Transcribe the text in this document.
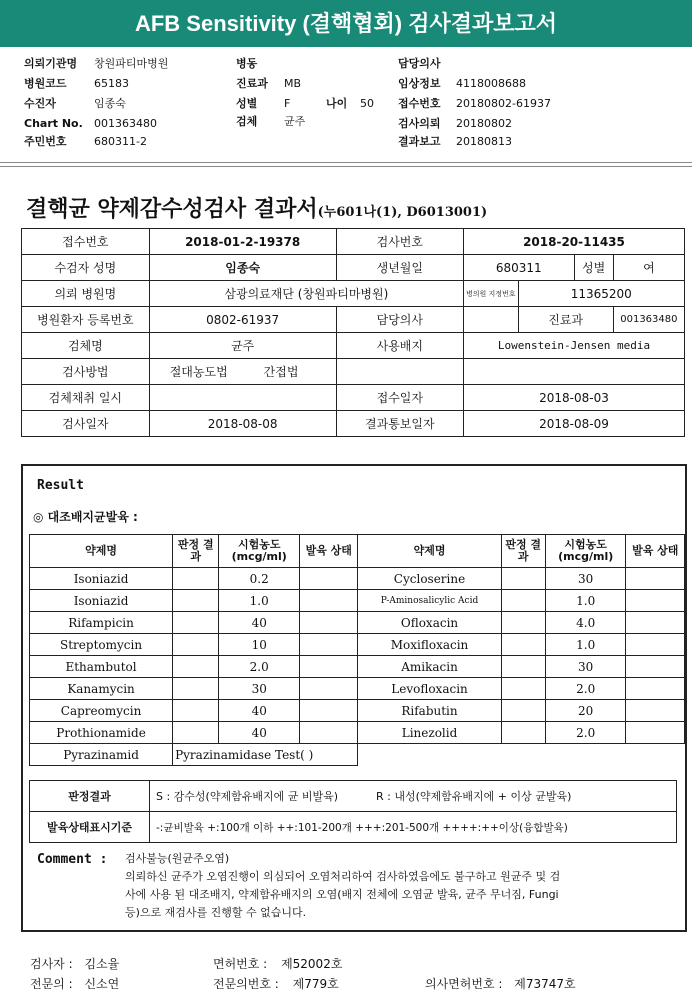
AFB Sensitivity (결핵협회) 검사결과보고서
의뢰기관명 창원파티마병원
병원코드 65183
수진자	임종숙
Chart No. 001363480
주민번호 680311-2
병동
진료과 MB
성별 F	나이 50
검체 균주
담당의사
임상정보 4118008688
접수번호 20180802-61937
검사의뢰 20180802
결과보고 20180813
결핵균 약제감수성검사 결과서(누601나(1), D6013001)
접수번호	2018-01-2-19378	검사번호	2018-20-11435			
수검자 성명	임종숙	생년월일	680311		성별	여
의뢰 병원명	삼광의료재단 (창원파티마병원)		병의원 지정번호	11365200		
병원환자 등록번호	0802-61937	담당의사		진료과		001363480
검체명	균주	사용배지	Lowenstein-Jensen media			
검사방법	절대농도법 간접법					
검체채취 일시		접수일자	2018-08-03			
검사일자	2018-08-08	결과통보일자	2018-08-09			
Result
◎ 대조배지균발육 :
약제명	판정 결과	시험농도 (mcg/ml)	발육 상태	약제명	판정 결과	시험농도 (mcg/ml)	발육 상태
Isoniazid		0.2		Cycloserine		30	
Isoniazid		1.0		P-Aminosalicylic Acid		1.0	
Rifampicin		40		Ofloxacin		4.0	
Streptomycin		10		Moxifloxacin		1.0	
Ethambutol		2.0		Amikacin		30	
Kanamycin		30		Levofloxacin		2.0	
Capreomycin		40		Rifabutin		20	
Prothionamide		40		Linezolid		2.0	
Pyrazinamid	Pyrazinamidase Test( )						
판정결과	S : 감수성(약제함유배지에 균 비발육) R : 내성(약제함유배지에 + 이상 균발육)
발육상태표시기준	-:균비발육 +:100개 이하 ++:101-200개 +++:201-500개 ++++:++이상(융합발육)
Comment : 검사불능(원균주오염)
의뢰하신 균주가 오염진행이 의심되어 오염처리하여 검사하였음에도 불구하고 원균주 및 검
사에 사용 된 대조배지, 약제함유배지의 오염(배지 전체에 오염균 발육, 균주 무너짐, Fungi
등)으로 재검사를 진행할 수 없습니다.
검사자 : 김소율	면허번호 : 제52002호
전문의 : 신소연	전문의번호 : 제779호	의사면허번호 : 제73747호
